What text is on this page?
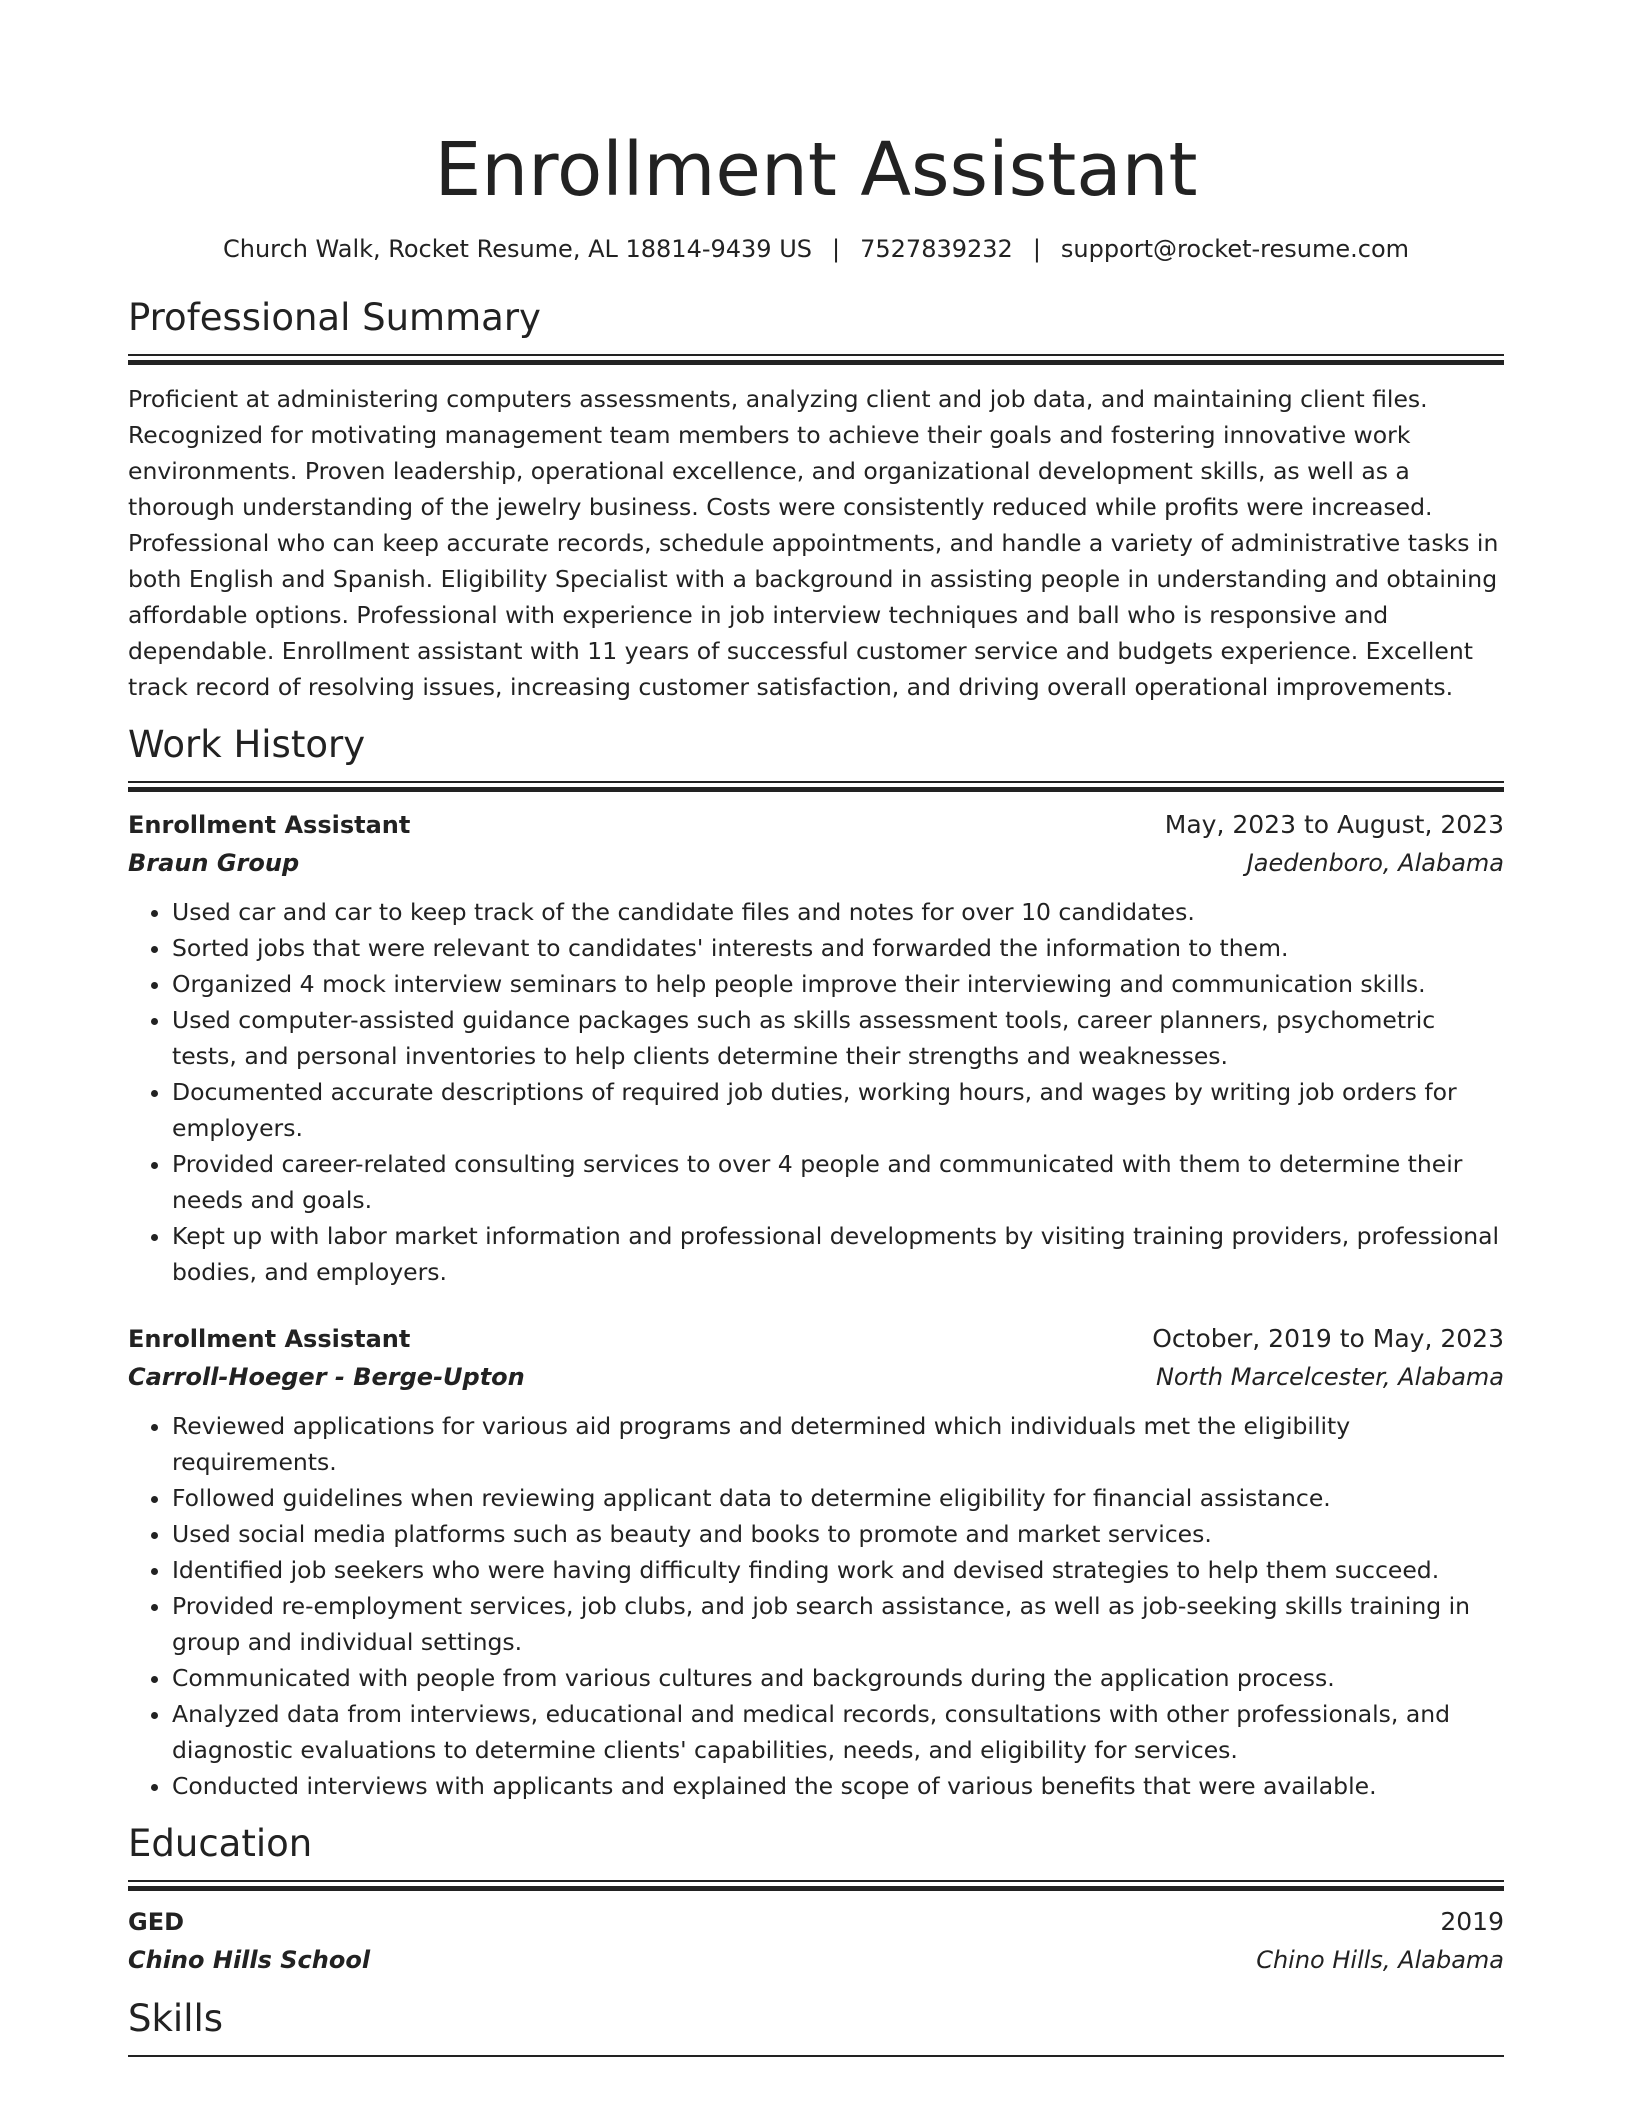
Enrollment Assistant
Church Walk, Rocket Resume, AL 18814-9439 US | 7527839232 | support@rocket-resume.com
Professional Summary
Proficient at administering computers assessments, analyzing client and job data, and maintaining client files. Recognized for motivating management team members to achieve their goals and fostering innovative work environments. Proven leadership, operational excellence, and organizational development skills, as well as a thorough understanding of the jewelry business. Costs were consistently reduced while profits were increased. Professional who can keep accurate records, schedule appointments, and handle a variety of administrative tasks in both English and Spanish. Eligibility Specialist with a background in assisting people in understanding and obtaining affordable options. Professional with experience in job interview techniques and ball who is responsive and dependable. Enrollment assistant with 11 years of successful customer service and budgets experience. Excellent track record of resolving issues, increasing customer satisfaction, and driving overall operational improvements.
Work History
Enrollment Assistant	May, 2023 to August, 2023
Braun Group	Jaedenboro, Alabama
• Used car and car to keep track of the candidate files and notes for over 10 candidates.
• Sorted jobs that were relevant to candidates' interests and forwarded the information to them.
• Organized 4 mock interview seminars to help people improve their interviewing and communication skills.
• Used computer-assisted guidance packages such as skills assessment tools, career planners, psychometric tests, and personal inventories to help clients determine their strengths and weaknesses.
• Documented accurate descriptions of required job duties, working hours, and wages by writing job orders for employers.
• Provided career-related consulting services to over 4 people and communicated with them to determine their needs and goals.
• Kept up with labor market information and professional developments by visiting training providers, professional bodies, and employers.
Enrollment Assistant	October, 2019 to May, 2023
Carroll-Hoeger - Berge-Upton	North Marcelcester, Alabama
• Reviewed applications for various aid programs and determined which individuals met the eligibility requirements.
• Followed guidelines when reviewing applicant data to determine eligibility for financial assistance.
• Used social media platforms such as beauty and books to promote and market services.
• Identified job seekers who were having difficulty finding work and devised strategies to help them succeed.
• Provided re-employment services, job clubs, and job search assistance, as well as job-seeking skills training in group and individual settings.
• Communicated with people from various cultures and backgrounds during the application process.
• Analyzed data from interviews, educational and medical records, consultations with other professionals, and diagnostic evaluations to determine clients' capabilities, needs, and eligibility for services.
• Conducted interviews with applicants and explained the scope of various benefits that were available.
Education
GED	2019
Chino Hills School	Chino Hills, Alabama
Skills
